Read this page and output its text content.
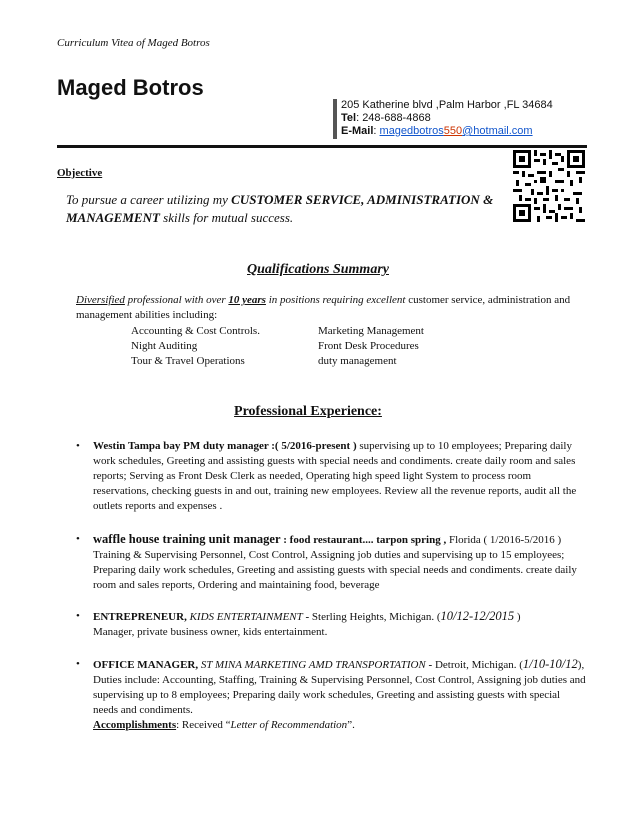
Curriculum Vitea of Maged Botros
Maged Botros
205 Katherine blvd ,Palm Harbor ,FL 34684
Tel: 248-688-4868
E-Mail: magedbotros550@hotmail.com
Objective
To pursue a career utilizing my CUSTOMER SERVICE, ADMINISTRATION & MANAGEMENT skills for mutual success.
Qualifications Summary
Diversified professional with over 10 years in positions requiring excellent customer service, administration and management abilities including:
Accounting & Cost Controls.
Night Auditing
Tour & Travel Operations
Marketing Management
Front Desk Procedures
duty management
Professional Experience:
• Westin Tampa bay PM duty manager :( 5/2016-present ) supervising up to 10 employees; Preparing daily work schedules, Greeting and assisting guests with special needs and condiments. create daily room and sales reports; Serving as Front Desk Clerk as needed, Operating high speed light System to process room reservations, checking guests in and out, training new employees. Review all the revenue reports, audit all the outlets reports and expenses .
• waffle house training unit manager : food restaurant.... tarpon spring , Florida ( 1/2016-5/2016 ) Training & Supervising Personnel, Cost Control, Assigning job duties and supervising up to 15 employees; Preparing daily work schedules, Greeting and assisting guests with special needs and condiments. create daily room and sales reports, Ordering and maintaining food, beverage
• ENTREPRENEUR, KIDS ENTERTAINMENT - Sterling Heights, Michigan. (10/12-12/2015 )
Manager, private business owner, kids entertainment.
• OFFICE MANAGER, ST MINA MARKETING AMD TRANSPORTATION - Detroit, Michigan. (1/10-10/12),
Duties include: Accounting, Staffing, Training & Supervising Personnel, Cost Control, Assigning job duties and supervising up to 8 employees; Preparing daily work schedules, Greeting and assisting guests with special needs and condiments.
Accomplishments: Received “Letter of Recommendation”.
